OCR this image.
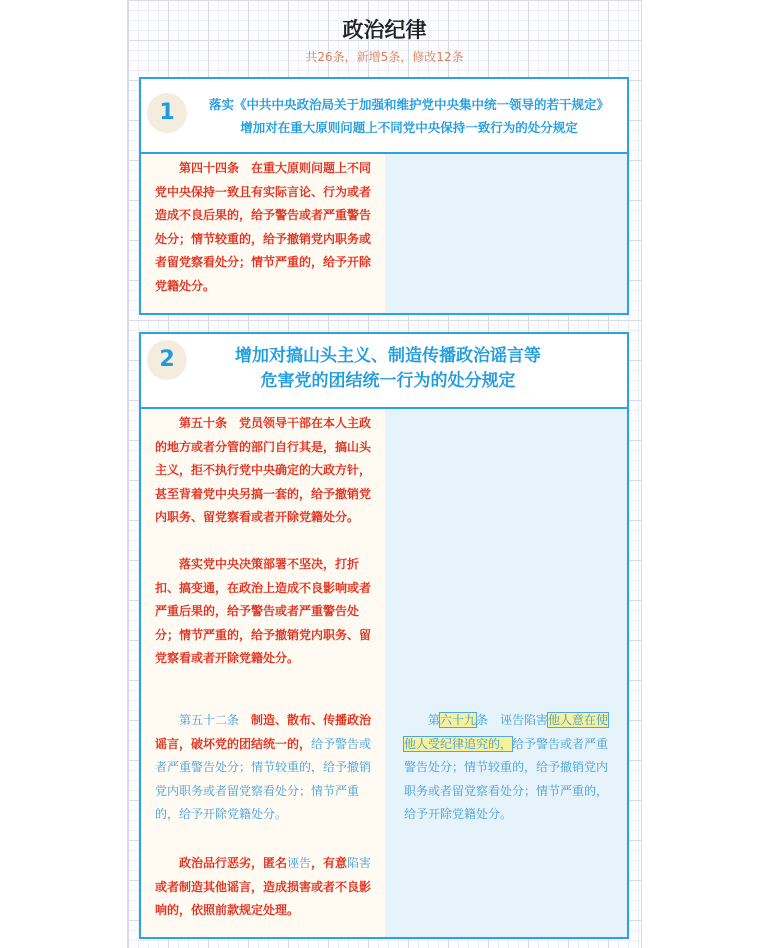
政治纪律
共26条，新增5条，修改12条
1	落实《中共中央政治局关于加强和维护党中央集中统一领导的若干规定》
增加对在重大原则问题上不同党中央保持一致行为的处分规定

第四十四条　在重大原则问题上不同党中央保持一致且有实际言论、行为或者造成不良后果的，给予警告或者严重警告处分；情节较重的，给予撤销党内职务或者留党察看处分；情节严重的，给予开除党籍处分。

2	增加对搞山头主义、制造传播政治谣言等
危害党的团结统一行为的处分规定

第五十条　党员领导干部在本人主政的地方或者分管的部门自行其是，搞山头主义，拒不执行党中央确定的大政方针，甚至背着党中央另搞一套的，给予撤销党内职务、留党察看或者开除党籍处分。

落实党中央决策部署不坚决，打折扣、搞变通，在政治上造成不良影响或者严重后果的，给予警告或者严重警告处分；情节严重的，给予撤销党内职务、留党察看或者开除党籍处分。

第五十二条　制造、散布、传播政治谣言，破坏党的团结统一的，给予警告或者严重警告处分；情节较重的，给予撤销党内职务或者留党察看处分；情节严重的，给予开除党籍处分。

政治品行恶劣，匿名诬告，有意陷害或者制造其他谣言，造成损害或者不良影响的，依照前款规定处理。

第六十九条　诬告陷害他人意在使他人受纪律追究的，给予警告或者严重警告处分；情节较重的，给予撤销党内职务或者留党察看处分；情节严重的，给予开除党籍处分。
